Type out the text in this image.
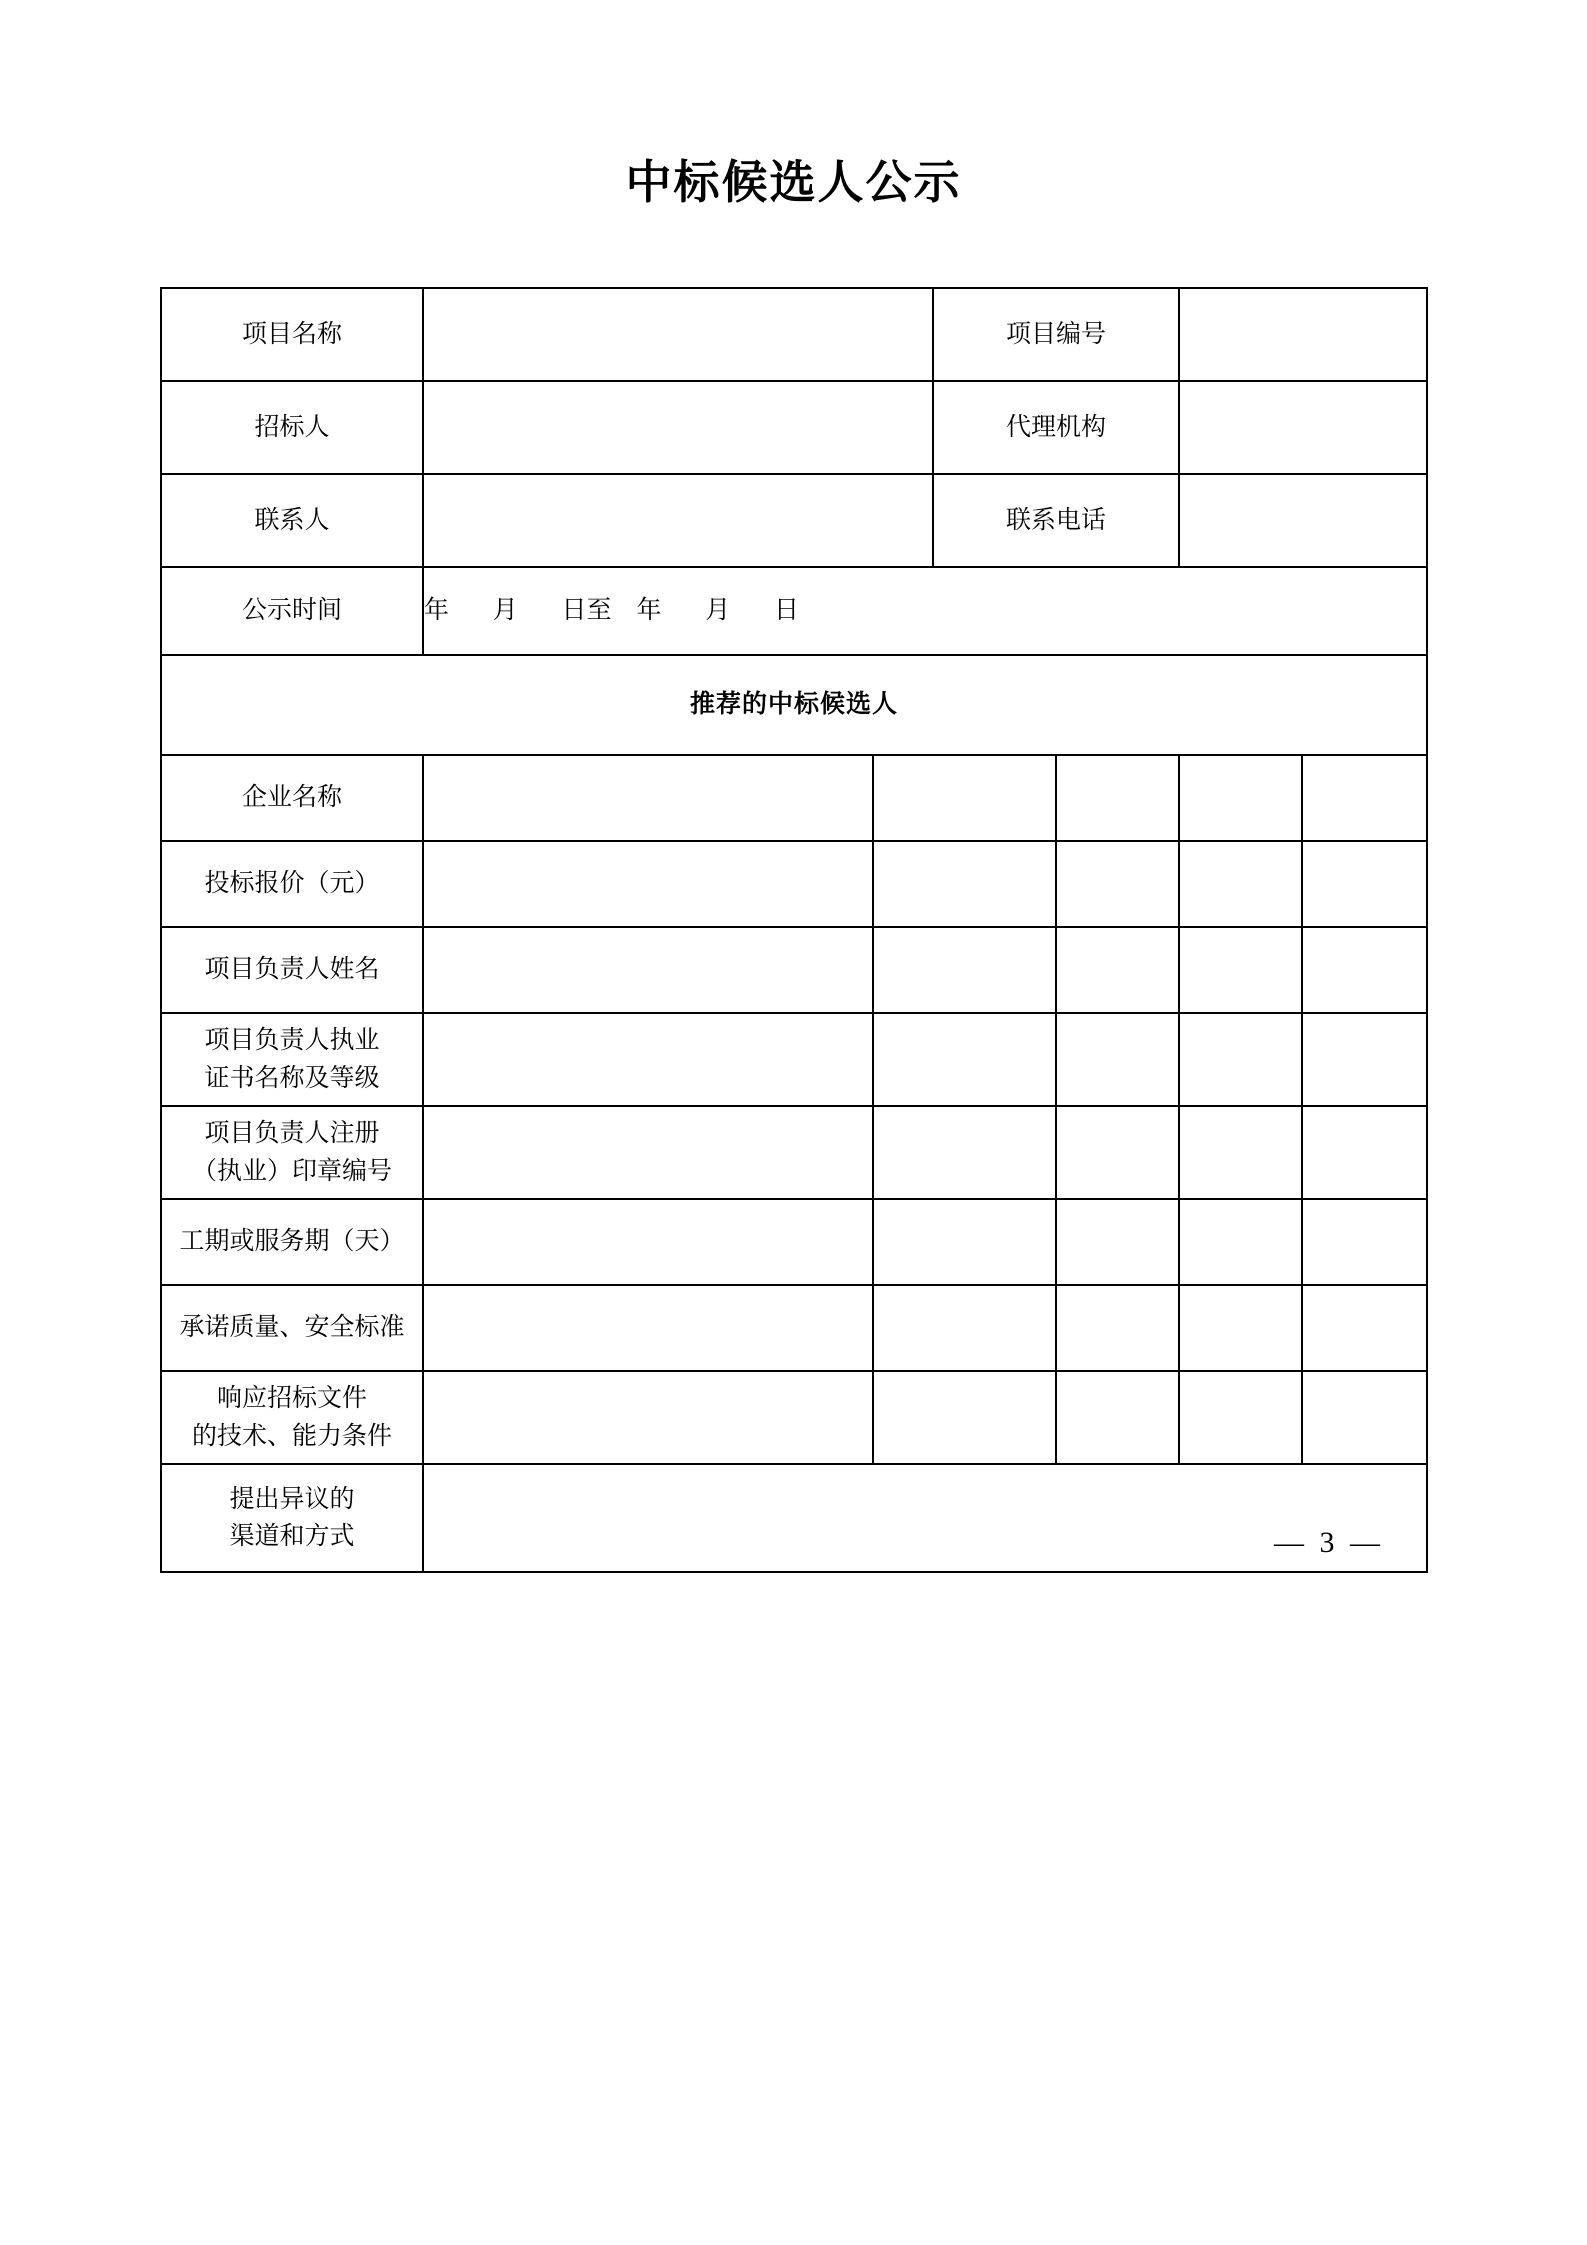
中标候选人公示
项目名称			项目编号			
招标人			代理机构			
联系人			联系电话			
公示时间	年       月       日至    年       月       日					
推荐的中标候选人						
企业名称						
投标报价（元）						
项目负责人姓名						

项目负责人执业
证书名称及等级						

项目负责人注册
（执业）印章编号						

工期或服务期（天）						
承诺质量、安全标准						

响应招标文件
的技术、能力条件						

提出异议的
渠道和方式	— 3 —					
